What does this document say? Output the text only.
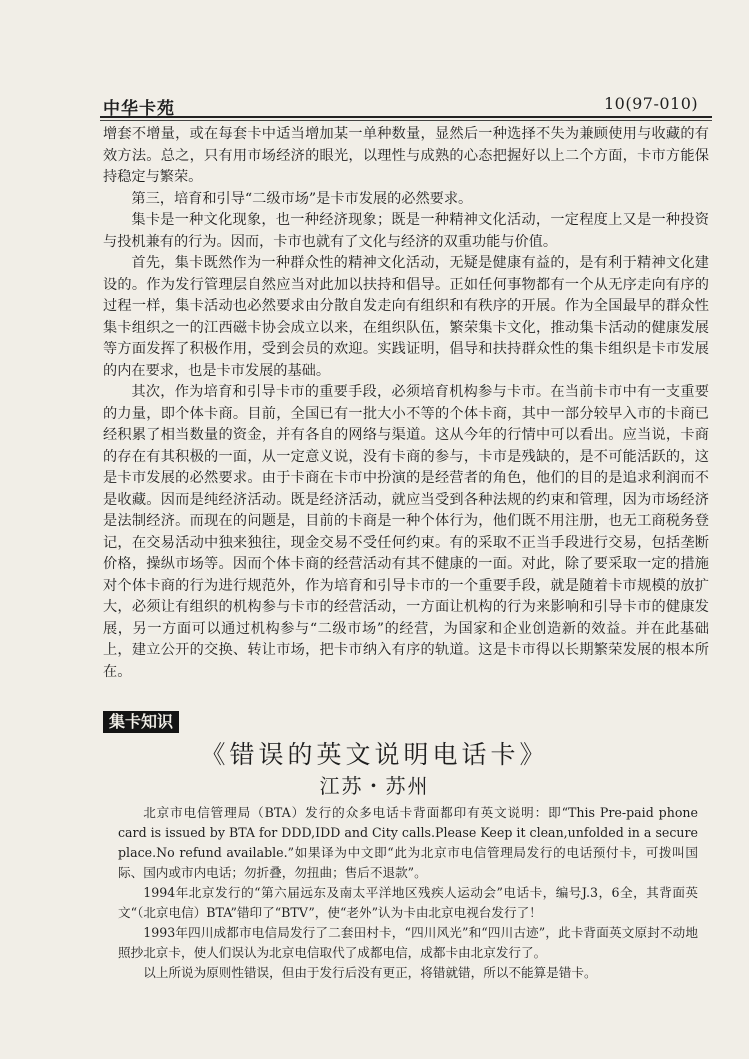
中华卡苑	10(97-010)

增套不增量，或在每套卡中适当增加某一单种数量，显然后一种选择不失为兼顾使用与收藏的有效方法。总之，只有用市场经济的眼光，以理性与成熟的心态把握好以上二个方面，卡市方能保持稳定与繁荣。

第三，培育和引导“二级市场”是卡市发展的必然要求。

集卡是一种文化现象，也一种经济现象；既是一种精神文化活动，一定程度上又是一种投资与投机兼有的行为。因而，卡市也就有了文化与经济的双重功能与价值。

首先，集卡既然作为一种群众性的精神文化活动，无疑是健康有益的，是有利于精神文化建设的。作为发行管理层自然应当对此加以扶持和倡导。正如任何事物都有一个从无序走向有序的过程一样，集卡活动也必然要求由分散自发走向有组织和有秩序的开展。作为全国最早的群众性集卡组织之一的江西磁卡协会成立以来，在组织队伍，繁荣集卡文化，推动集卡活动的健康发展等方面发挥了积极作用，受到会员的欢迎。实践证明，倡导和扶持群众性的集卡组织是卡市发展的内在要求，也是卡市发展的基础。

其次，作为培育和引导卡市的重要手段，必须培育机构参与卡市。在当前卡市中有一支重要的力量，即个体卡商。目前，全国已有一批大小不等的个体卡商，其中一部分较早入市的卡商已经积累了相当数量的资金，并有各自的网络与渠道。这从今年的行情中可以看出。应当说，卡商的存在有其积极的一面，从一定意义说，没有卡商的参与，卡市是残缺的，是不可能活跃的，这是卡市发展的必然要求。由于卡商在卡市中扮演的是经营者的角色，他们的目的是追求利润而不是收藏。因而是纯经济活动。既是经济活动，就应当受到各种法规的约束和管理，因为市场经济是法制经济。而现在的问题是，目前的卡商是一种个体行为，他们既不用注册，也无工商税务登记，在交易活动中独来独往，现金交易不受任何约束。有的采取不正当手段进行交易，包括垄断价格，操纵市场等。因而个体卡商的经营活动有其不健康的一面。对此，除了要采取一定的措施对个体卡商的行为进行规范外，作为培育和引导卡市的一个重要手段，就是随着卡市规模的放扩大，必须让有组织的机构参与卡市的经营活动，一方面让机构的行为来影响和引导卡市的健康发展，另一方面可以通过机构参与“二级市场”的经营，为国家和企业创造新的效益。并在此基础上，建立公开的交换、转让市场，把卡市纳入有序的轨道。这是卡市得以长期繁荣发展的根本所在。

集卡知识
《错误的英文说明电话卡》
江苏・苏州

北京市电信管理局（BTA）发行的众多电话卡背面都印有英文说明：即“This Pre-paid phone card is issued by BTA for DDD,IDD and City calls.Please Keep it clean,unfolded in a secure place.No refund available.”如果译为中文即“此为北京市电信管理局发行的电话预付卡，可拨叫国际、国内或市内电话；勿折叠，勿扭曲；售后不退款”。

1994年北京发行的“第六届远东及南太平洋地区残疾人运动会”电话卡，编号J.3，6全，其背面英文“（北京电信）BTA”错印了“BTV”，使“老外”认为卡由北京电视台发行了！

1993年四川成都市电信局发行了二套田村卡，“四川风光”和“四川古迹”，此卡背面英文原封不动地照抄北京卡，使人们误认为北京电信取代了成都电信，成都卡由北京发行了。

以上所说为原则性错误，但由于发行后没有更正，将错就错，所以不能算是错卡。
